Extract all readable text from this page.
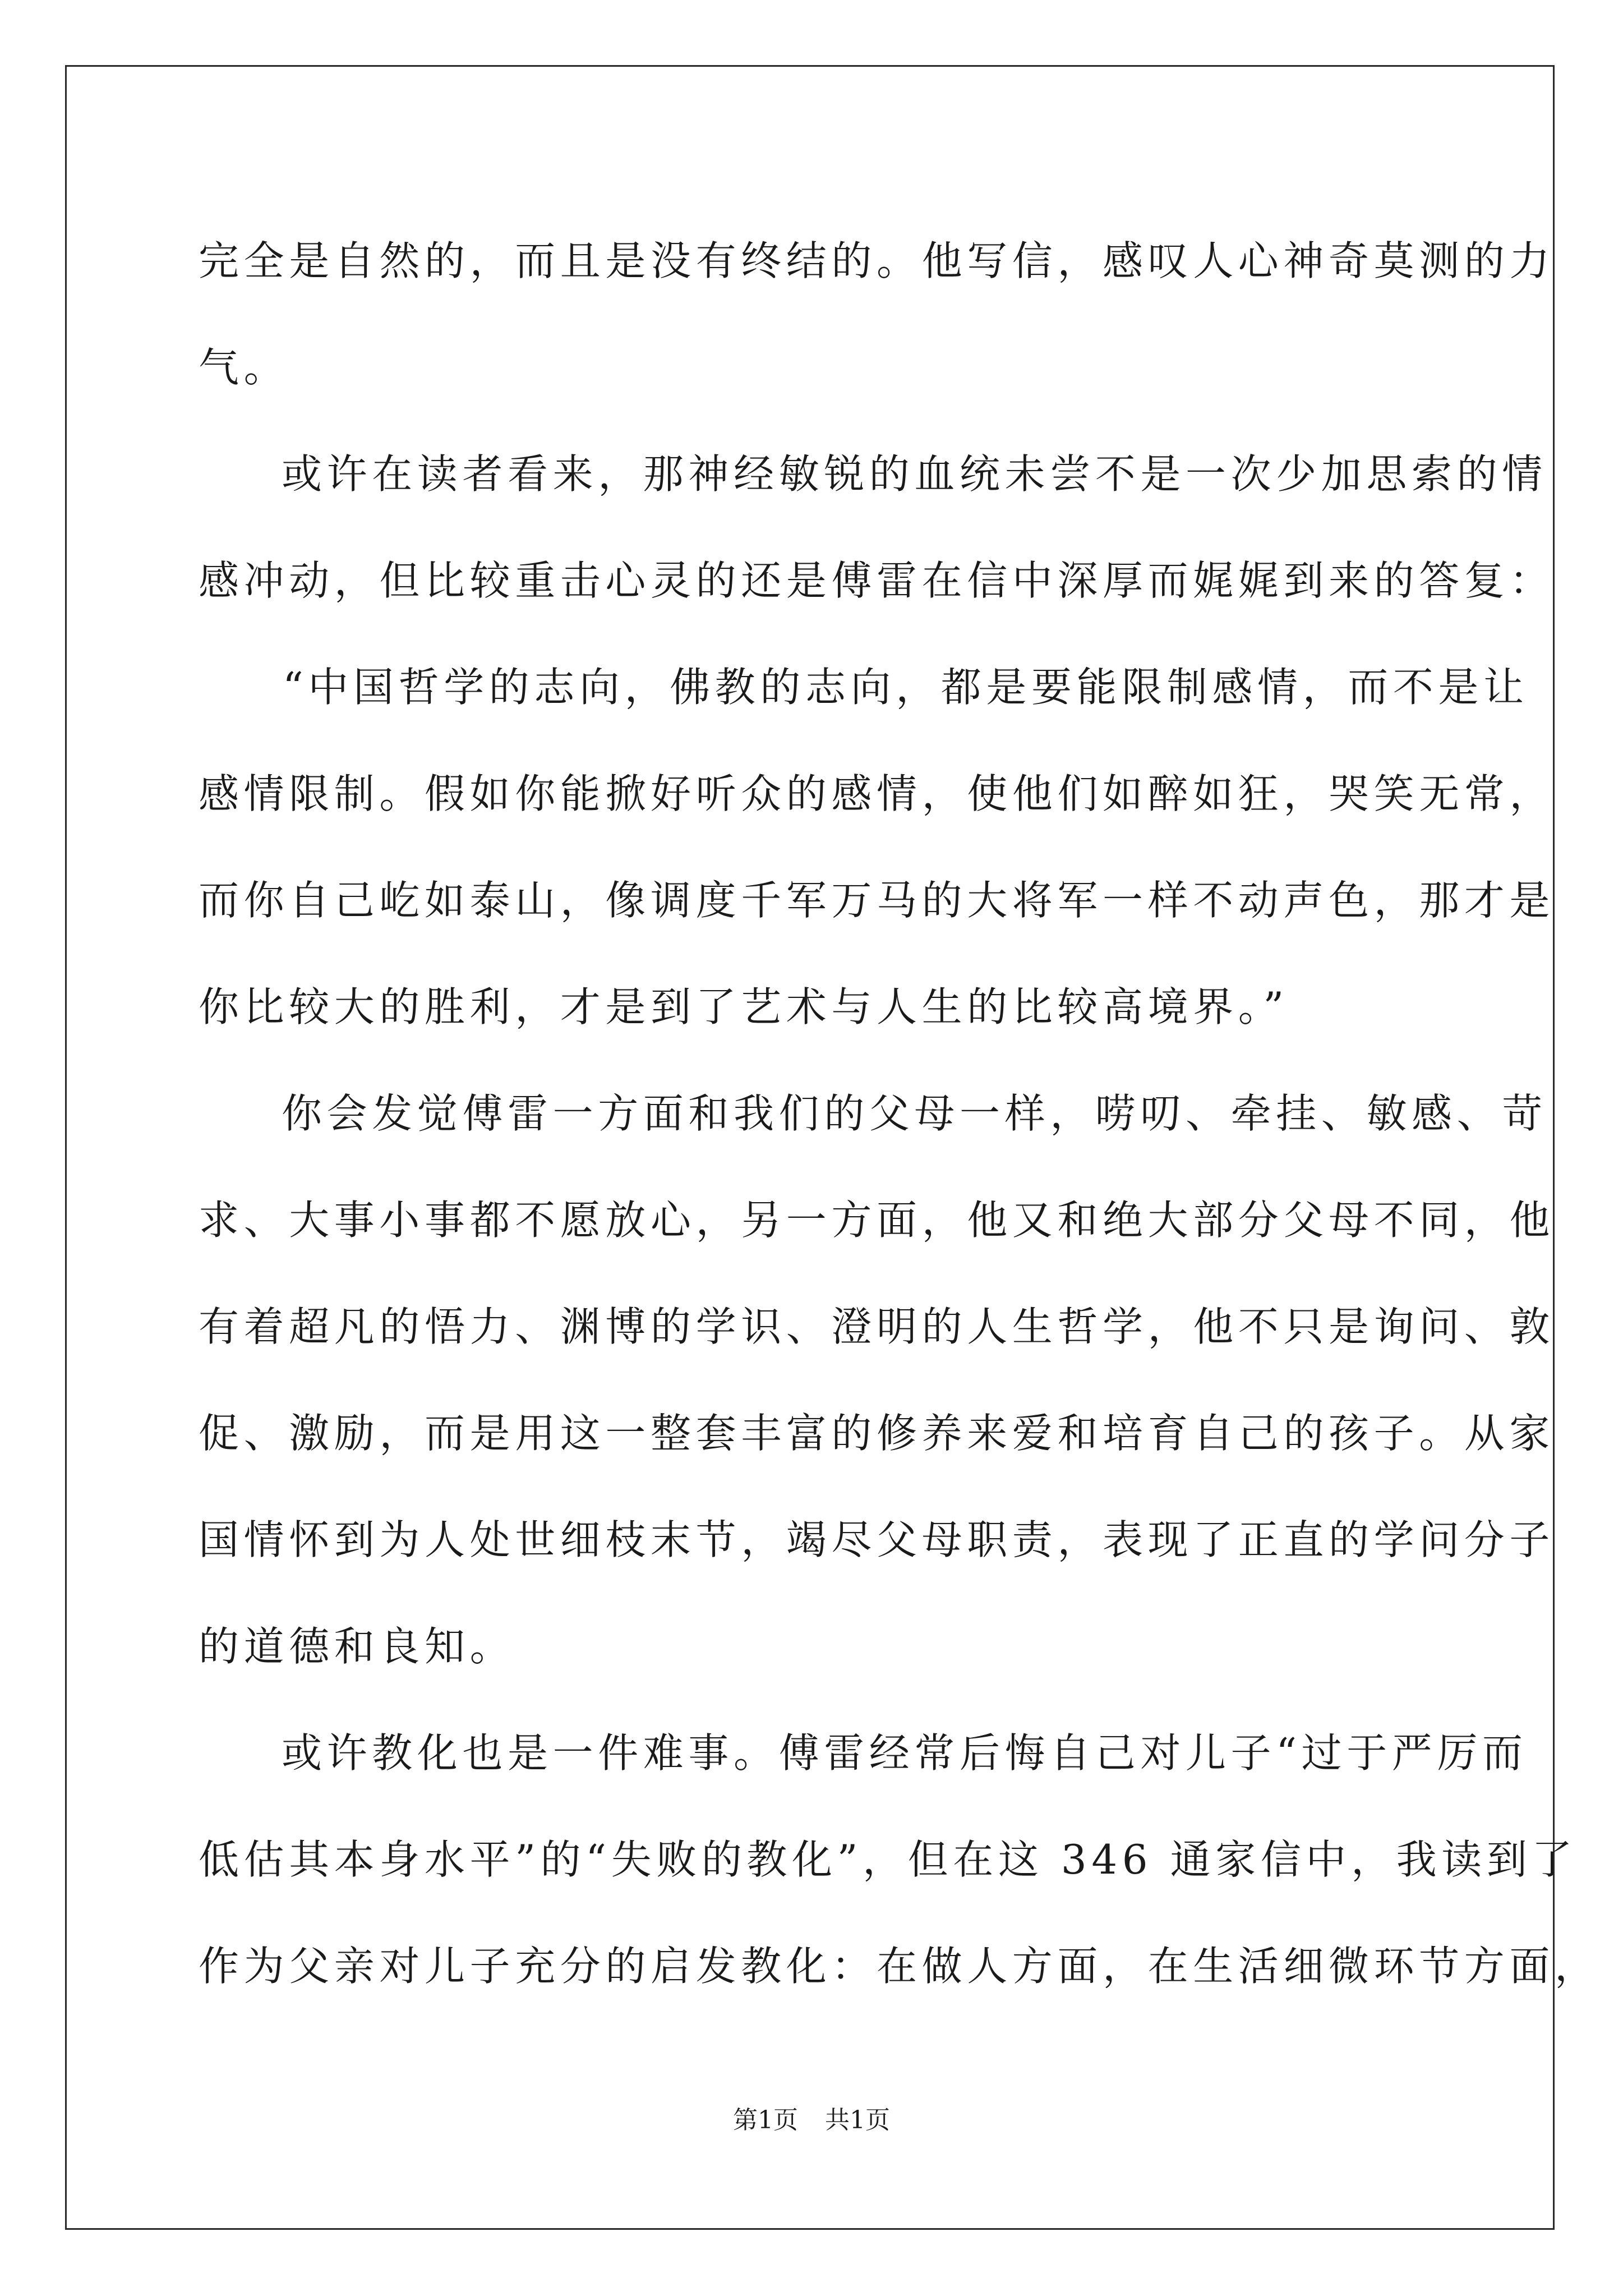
完全是自然的，而且是没有终结的。他写信，感叹人心神奇莫测的力
气。
或许在读者看来，那神经敏锐的血统未尝不是一次少加思索的情
感冲动，但比较重击心灵的还是傅雷在信中深厚而娓娓到来的答复：
“中国哲学的志向，佛教的志向，都是要能限制感情，而不是让
感情限制。假如你能掀好听众的感情，使他们如醉如狂，哭笑无常，
而你自己屹如泰山，像调度千军万马的大将军一样不动声色，那才是
你比较大的胜利，才是到了艺术与人生的比较高境界。”
你会发觉傅雷一方面和我们的父母一样，唠叨、牵挂、敏感、苛
求、大事小事都不愿放心，另一方面，他又和绝大部分父母不同，他
有着超凡的悟力、渊博的学识、澄明的人生哲学，他不只是询问、敦
促、激励，而是用这一整套丰富的修养来爱和培育自己的孩子。从家
国情怀到为人处世细枝末节，竭尽父母职责，表现了正直的学问分子
的道德和良知。
或许教化也是一件难事。傅雷经常后悔自己对儿子“过于严厉而
低估其本身水平”的“失败的教化”，但在这 346 通家信中，我读到了
作为父亲对儿子充分的启发教化：在做人方面，在生活细微环节方面，
第1页 共1页
